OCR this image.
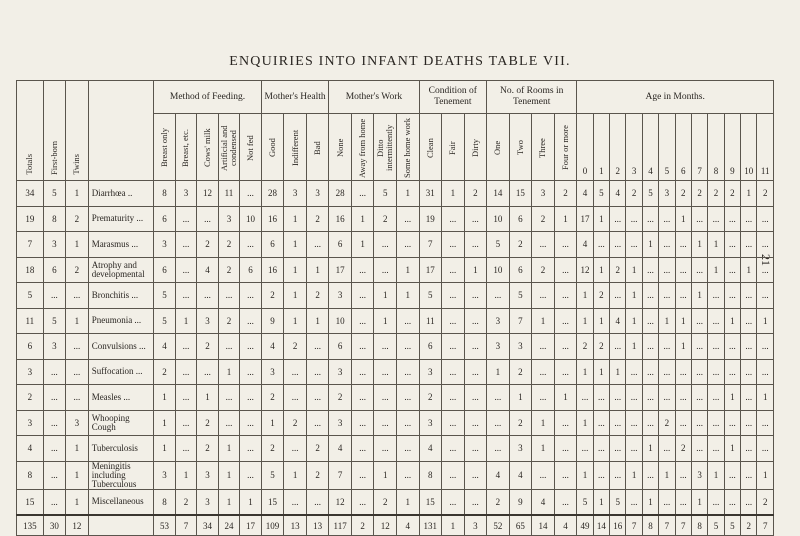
ENQUIRIES INTO INFANT DEATHS TABLE VII.
21
Totals	First-born	Twins		Method of Feeding.					Mother's Health			Mother's Work				Condition of Tenement			No. of Rooms in Tenement				Age in Months.											
				Breast only	Breast, etc.	Cows' milk	Artificial and condensed	Not fed	Good	Indifferent	Bad	None	Away from home	Ditto intermittently	Some home work	Clean	Fair	Dirty	One	Two	Three	Four or more	0	1	2	3	4	5	6	7	8	9	10	11
34	5	1	Diarrhœa ..	8	3	12	11	...	28	3	3	28	...	5	1	31	1	2	14	15	3	2	4	5	4	2	5	3	2	2	2	2	1	2
19	8	2	Prematurity ...	6	...	...	3	10	16	1	2	16	1	2	...	19	...	...	10	6	2	1	17	1	...	...	...	...	1	...	...	...	...	...
7	3	1	Marasmus ...	3	...	2	2	...	6	1	...	6	1	...	...	7	...	...	5	2	...	...	4	...	...	...	1	...	...	1	1	...	...	...
18	6	2	Atrophy and developmental	6	...	4	2	6	16	1	1	17	...	...	1	17	...	1	10	6	2	...	12	1	2	1	...	...	...	...	1	...	1	...
5	...	...	Bronchitis ...	5	...	...	...	...	2	1	2	3	...	1	1	5	...	...	...	5	...	...	1	2	...	1	...	...	...	1	...	...	...	...
11	5	1	Pneumonia ...	5	1	3	2	...	9	1	1	10	...	1	...	11	...	...	3	7	1	...	1	1	4	1	...	1	1	...	...	1	...	1
6	3	...	Convulsions ...	4	...	2	...	...	4	2	...	6	...	...	...	6	...	...	3	3	...	...	2	2	...	1	...	...	1	...	...	...	...	...
3	...	...	Suffocation ...	2	...	...	1	...	3	...	...	3	...	...	...	3	...	...	1	2	...	...	1	1	1	...	...	...	...	...	...	...	...	...
2	...	...	Measles ...	1	...	1	...	...	2	...	...	2	...	...	...	2	...	...	...	1	...	1	...	...	...	...	...	...	...	...	...	1	...	1
3	...	3	Whooping Cough	1	...	2	...	...	1	2	...	3	...	...	...	3	...	...	...	2	1	...	1	...	...	...	...	2	...	...	...	...	...	...
4	...	1	Tuberculosis	1	...	2	1	...	2	...	2	4	...	...	...	4	...	...	...	3	1	...	...	...	...	...	1	...	2	...	...	1	...	...
8	...	1	Meningitis including Tuberculous	3	1	3	1	...	5	1	2	7	...	1	...	8	...	...	4	4	...	...	1	...	...	1	...	1	...	3	1	...	...	1
15	...	1	Miscellaneous	8	2	3	1	1	15	...	...	12	...	2	1	15	...	...	2	9	4	...	5	1	5	...	1	...	...	1	...	...	...	2
135	30	12		53	7	34	24	17	109	13	13	117	2	12	4	131	1	3	52	65	14	4	49	14	16	7	8	7	7	8	5	5	2	7
